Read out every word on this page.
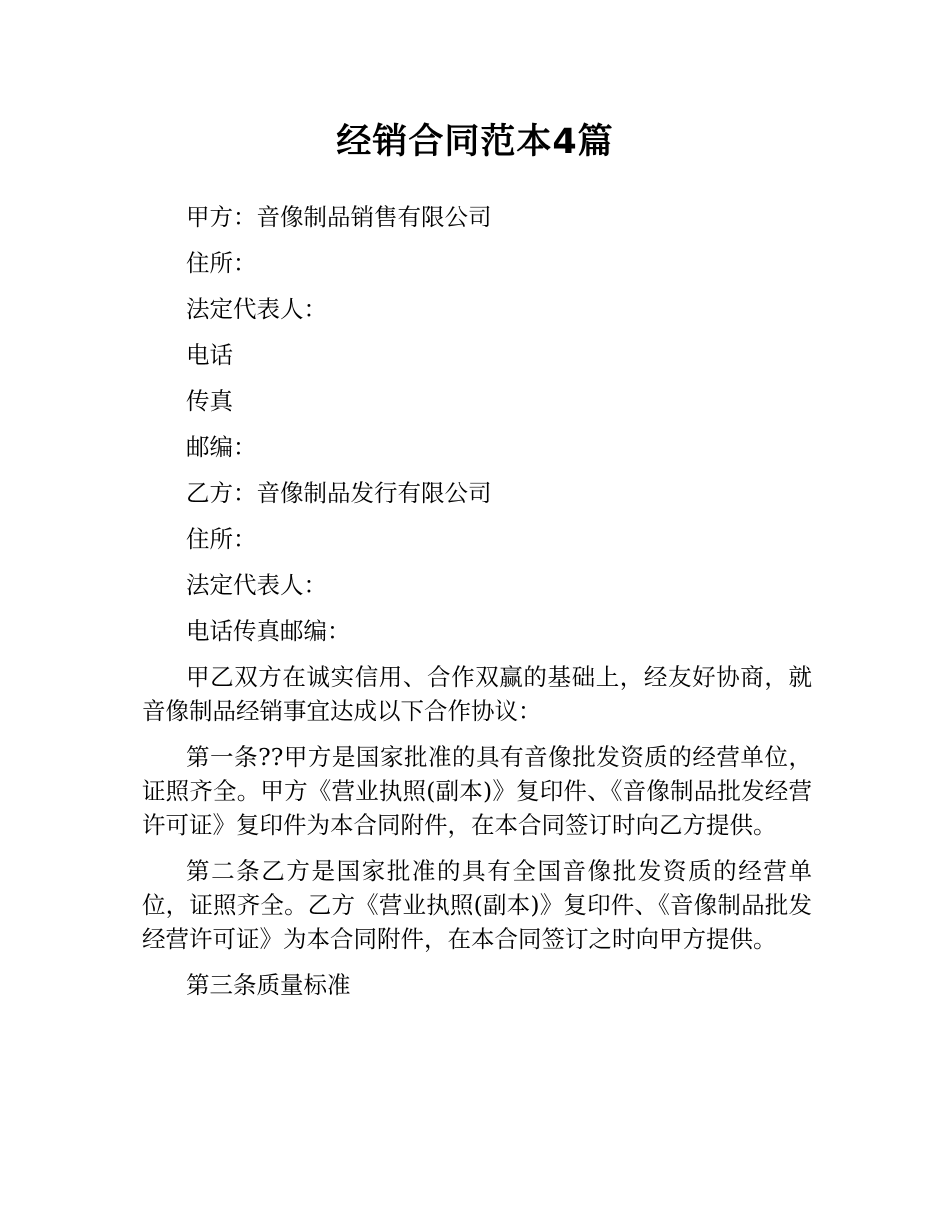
经销合同范本4篇

甲方：音像制品销售有限公司

住所：

法定代表人：

电话

传真

邮编：

乙方：音像制品发行有限公司

住所：

法定代表人：

电话传真邮编：

甲乙双方在诚实信用、合作双赢的基础上，经友好协商，就音像制品经销事宜达成以下合作协议：

第一条??甲方是国家批准的具有音像批发资质的经营单位，证照齐全。甲方《营业执照(副本)》复印件、《音像制品批发经营许可证》复印件为本合同附件，在本合同签订时向乙方提供。

第二条乙方是国家批准的具有全国音像批发资质的经营单位，证照齐全。乙方《营业执照(副本)》复印件、《音像制品批发经营许可证》为本合同附件，在本合同签订之时向甲方提供。

第三条质量标准
